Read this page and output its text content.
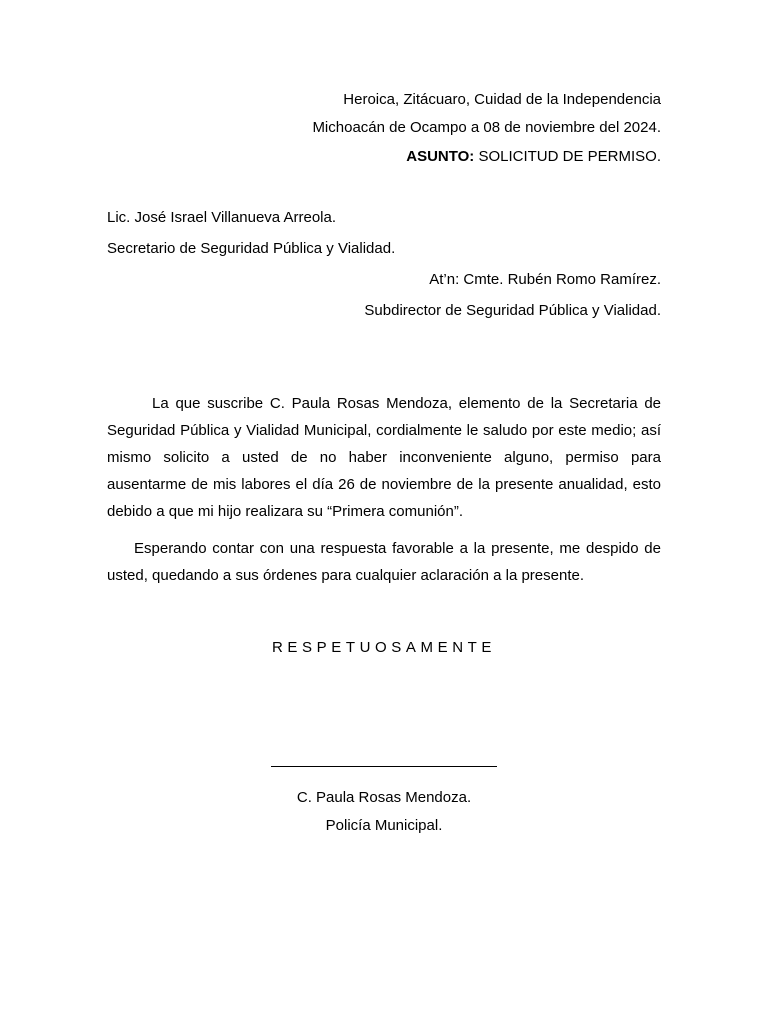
Heroica, Zitácuaro, Cuidad de la Independencia
Michoacán de Ocampo a 08 de noviembre del 2024.
ASUNTO: SOLICITUD DE PERMISO.
Lic. José Israel Villanueva Arreola.
Secretario de Seguridad Pública y Vialidad.
At’n: Cmte. Rubén Romo Ramírez.
Subdirector de Seguridad Pública y Vialidad.
La que suscribe C. Paula Rosas Mendoza, elemento de la Secretaria de Seguridad Pública y Vialidad Municipal, cordialmente le saludo por este medio; así mismo solicito a usted de no haber inconveniente alguno, permiso para ausentarme de mis labores el día 26 de noviembre de la presente anualidad, esto debido a que mi hijo realizara su “Primera comunión”.
Esperando contar con una respuesta favorable a la presente, me despido de usted, quedando a sus órdenes para cualquier aclaración a la presente.
RESPETUOSAMENTE
C. Paula Rosas Mendoza.
Policía Municipal.
